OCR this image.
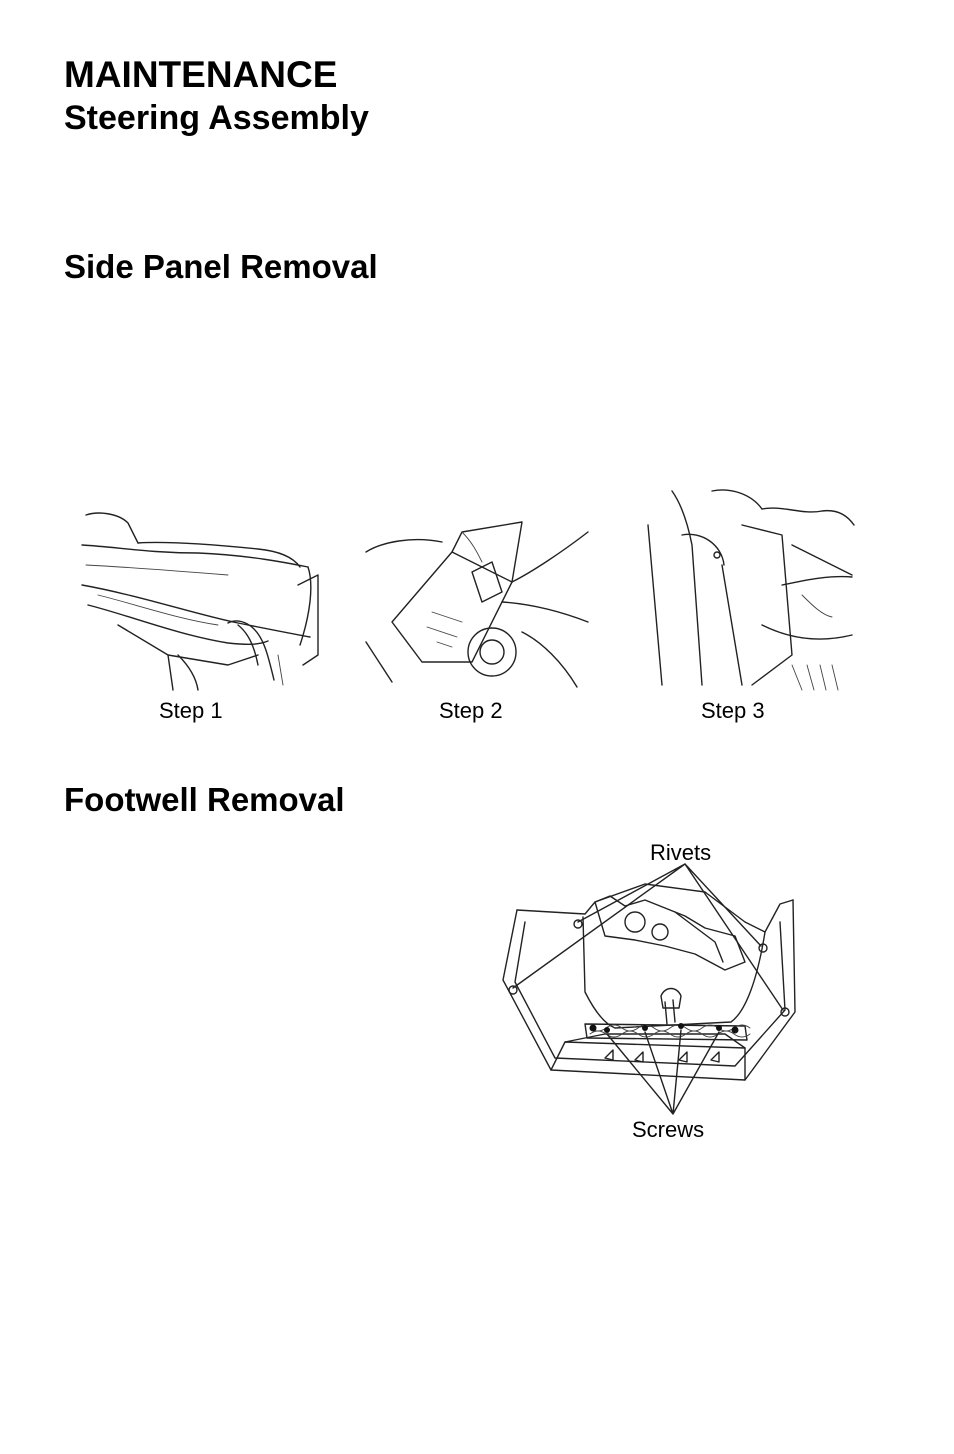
MAINTENANCE
Steering Assembly
Side Panel Removal
Step 1	Step 2	Step 3
Footwell Removal
Rivets
Screws
